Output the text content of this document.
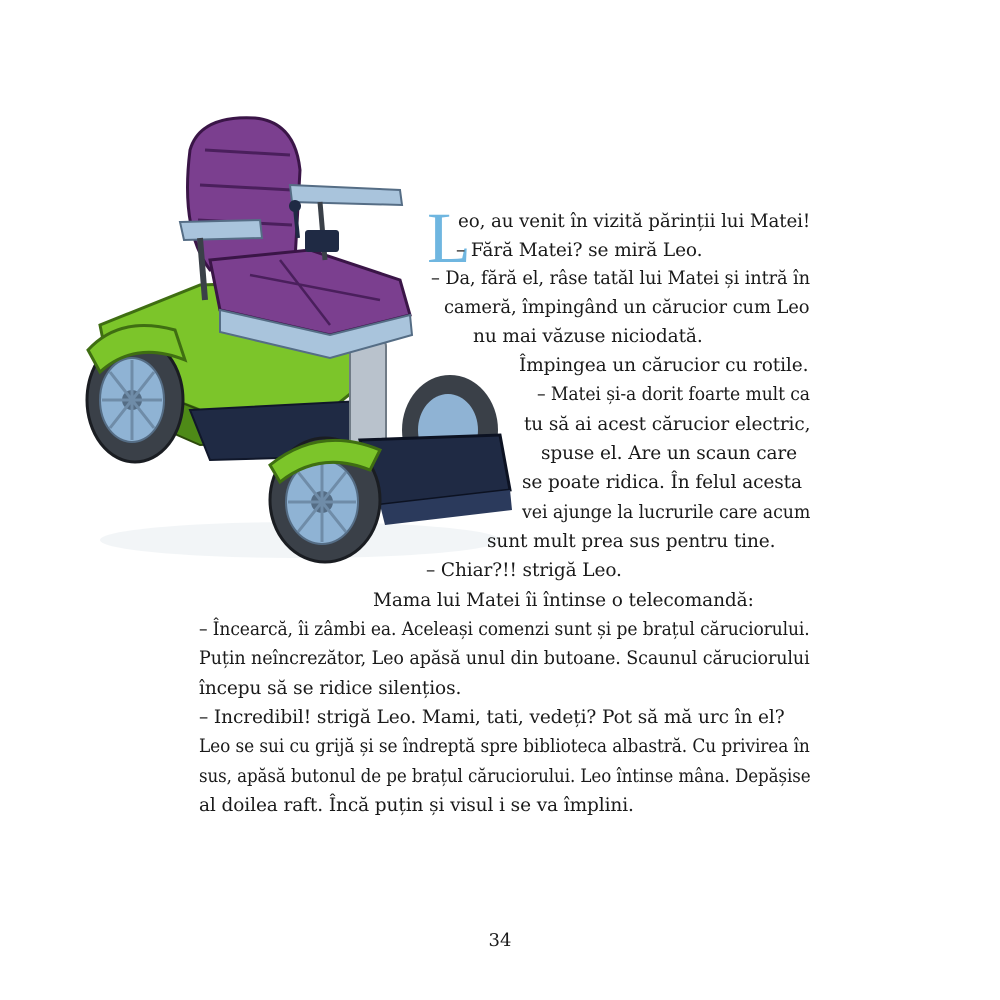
L
eo, au venit în vizită părinții lui Matei!
– Fără Matei? se miră Leo.
– Da, fără el, râse tatăl lui Matei și intră în
cameră, împingând un cărucior cum Leo
nu mai văzuse niciodată.
Împingea un cărucior cu rotile.
– Matei și-a dorit foarte mult ca
tu să ai acest cărucior electric,
spuse el. Are un scaun care
se poate ridica. În felul acesta
vei ajunge la lucrurile care acum
sunt mult prea sus pentru tine.
– Chiar?!! strigă Leo.
Mama lui Matei îi întinse o telecomandă:
– Încearcă, îi zâmbi ea. Aceleași comenzi sunt și pe brațul căruciorului.
Puțin neîncrezător, Leo apăsă unul din butoane. Scaunul căruciorului
începu să se ridice silențios.
– Incredibil! strigă Leo. Mami, tati, vedeți? Pot să mă urc în el?
Leo se sui cu grijă și se îndreptă spre biblioteca albastră. Cu privirea în
sus, apăsă butonul de pe brațul căruciorului. Leo întinse mâna. Depășise
al doilea raft. Încă puțin și visul i se va împlini.
34
